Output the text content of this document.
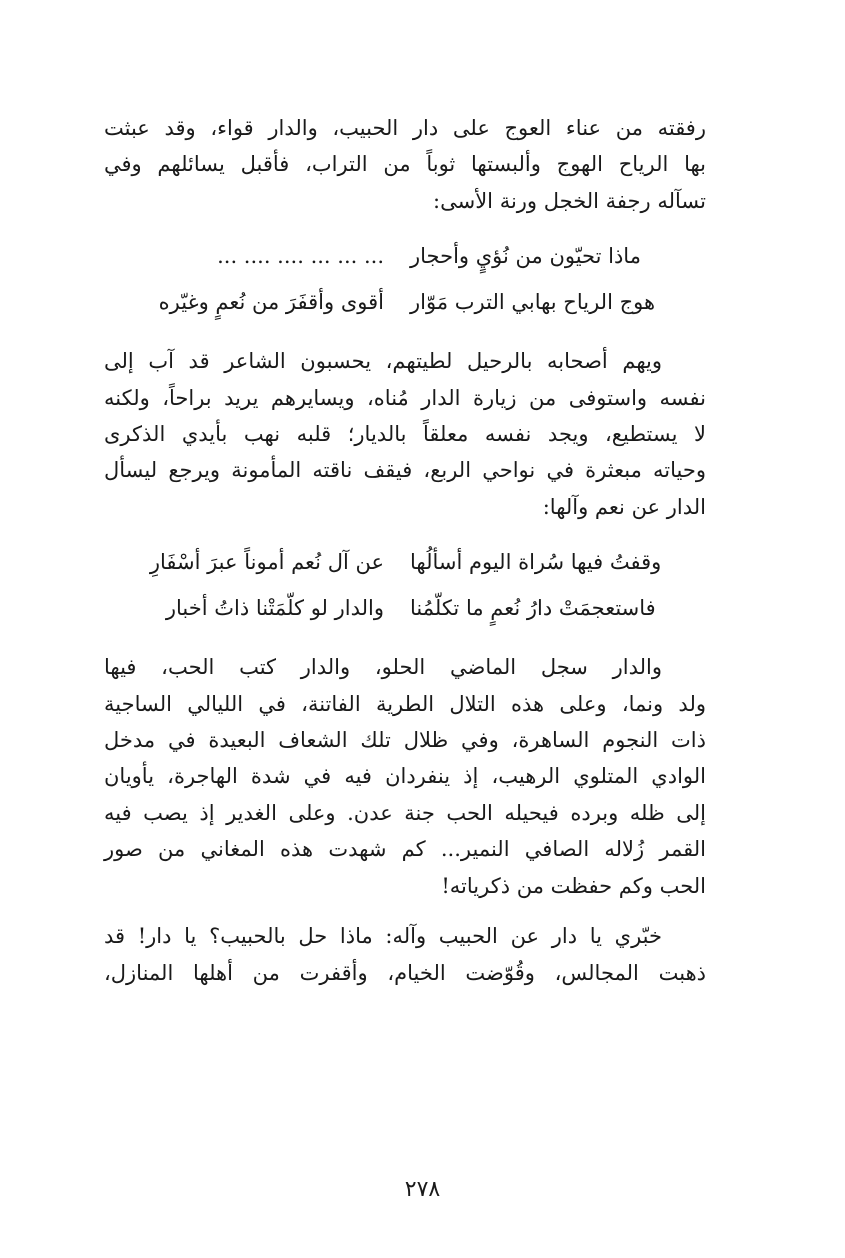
رفقته من عناء العوج على دار الحبيب، والدار قواء، وقد عبثت
بها الرياح الهوج وألبستها ثوباً من التراب، فأقبل يسائلهم وفي
تسآله رجفة الخجل ورنة الأسى:
ماذا تحيّون من نُؤيٍ وأحجار
... ... ... .... .... ...
هوج الرياح بهابي الترب مَوّار
أقوى وأقفَرَ من نُعمٍ وغيّره
ويهم أصحابه بالرحيل لطيتهم، يحسبون الشاعر قد آب إلى
نفسه واستوفى من زيارة الدار مُناه، ويسايرهم يريد براحاً، ولكنه
لا يستطيع، ويجد نفسه معلقاً بالديار؛ قلبه نهب بأيدي الذكرى
وحياته مبعثرة في نواحي الربع، فيقف ناقته المأمونة ويرجع ليسأل
الدار عن نعم وآلها:
وقفتُ فيها سُراة اليوم أسألُها
عن آل نُعم أموناً عبرَ أسْفَارِ
فاستعجمَتْ دارُ نُعمٍ ما تكلّمُنا
والدار لو كلّمَتْنا ذاتُ أخبار
والدار سجل الماضي الحلو، والدار كتب الحب، فيها
ولد ونما، وعلى هذه التلال الطرية الفاتنة، في الليالي الساجية
ذات النجوم الساهرة، وفي ظلال تلك الشعاف البعيدة في مدخل
الوادي المتلوي الرهيب، إذ ينفردان فيه في شدة الهاجرة، يأويان
إلى ظله وبرده فيحيله الحب جنة عدن. وعلى الغدير إذ يصب فيه
القمر زُلاله الصافي النمير... كم شهدت هذه المغاني من صور
الحب وكم حفظت من ذكرياته!
خبّري يا دار عن الحبيب وآله: ماذا حل بالحبيب؟ يا دار! قد
ذهبت المجالس، وقُوّضت الخيام، وأقفرت من أهلها المنازل،
٢٧٨
